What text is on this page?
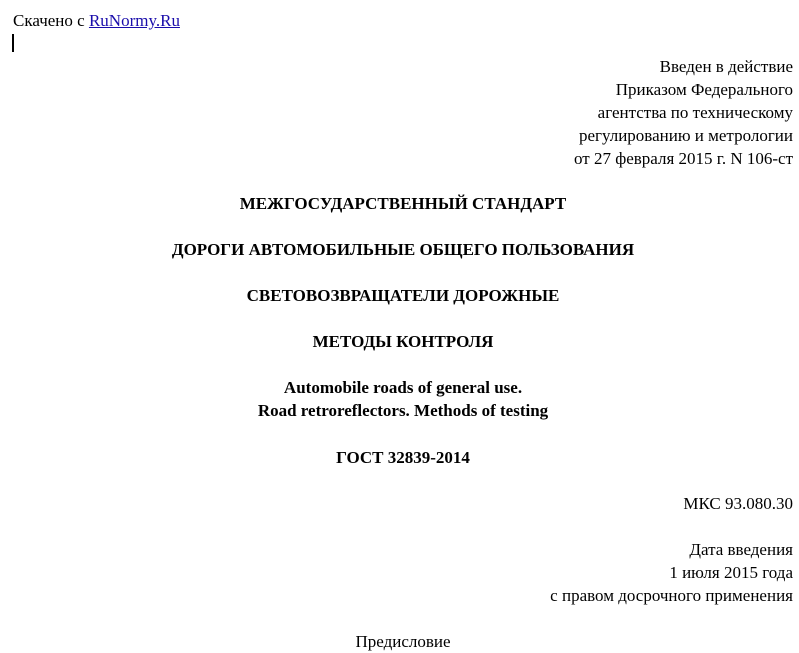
Скачено с RuNormy.Ru
Введен в действие
Приказом Федерального
агентства по техническому
регулированию и метрологии
от 27 февраля 2015 г. N 106-ст
МЕЖГОСУДАРСТВЕННЫЙ СТАНДАРТ
ДОРОГИ АВТОМОБИЛЬНЫЕ ОБЩЕГО ПОЛЬЗОВАНИЯ
СВЕТОВОЗВРАЩАТЕЛИ ДОРОЖНЫЕ
МЕТОДЫ КОНТРОЛЯ
Automobile roads of general use.
Road retroreflectors. Methods of testing
ГОСТ 32839-2014
МКС 93.080.30
Дата введения
1 июля 2015 года
с правом досрочного применения
Предисловие
